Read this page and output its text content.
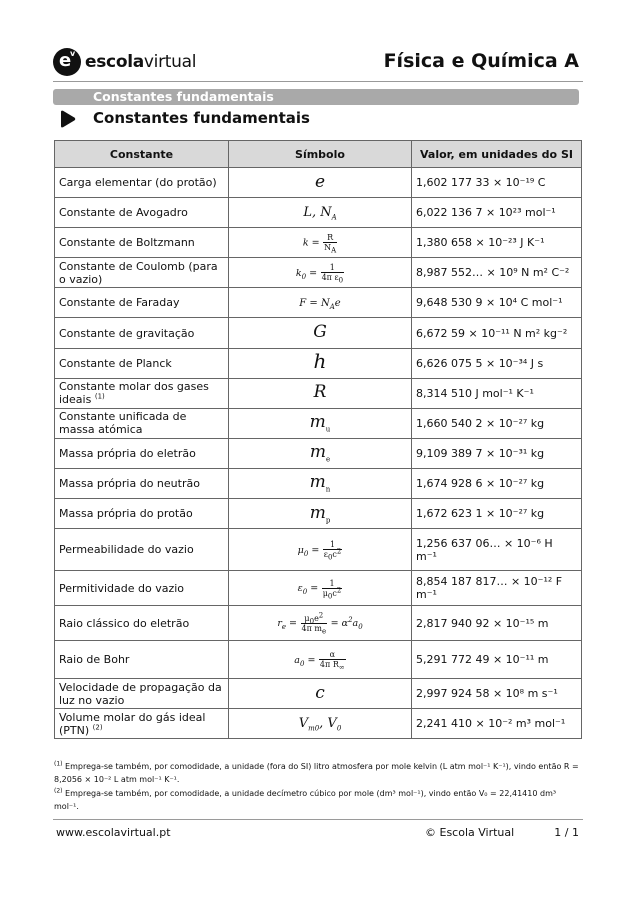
e
v escolavirtual	Física e Química A
Constantes fundamentais
Constantes fundamentais
Constante	Símbolo	Valor, em unidades do SI
Carga elementar (do protão)	e	1,602 177 33 × 10⁻¹⁹ C
Constante de Avogadro	L, $N_A$	6,022 136 7 × 10²³ mol⁻¹
Constante de Boltzmann	$k = \frac{R}{N_A}$	1,380 658 × 10⁻²³ J K⁻¹
Constante de Coulomb (para o vazio)	$k_0 = \frac{1}{4\pi \varepsilon_0}$	8,987 552… × 10⁹ N m² C⁻²
Constante de Faraday	$F = N_Ae$	9,648 530 9 × 10⁴ C mol⁻¹
Constante de gravitação	G	6,672 59 × 10⁻¹¹ N m² kg⁻²
Constante de Planck	h	6,626 075 5 × 10⁻³⁴ J s
Constante molar dos gases ideais $^{(1)}$	R	8,314 510 J mol⁻¹ K⁻¹
Constante unificada de massa atómica	$m_u$	1,660 540 2 × 10⁻²⁷ kg
Massa própria do eletrão	$m_e$	9,109 389 7 × 10⁻³¹ kg
Massa própria do neutrão	$m_n$	1,674 928 6 × 10⁻²⁷ kg
Massa própria do protão	$m_p$	1,672 623 1 × 10⁻²⁷ kg
Permeabilidade do vazio	$\mu_0 = \frac{1}{\varepsilon_0c^2}$	1,256 637 06… × 10⁻⁶ H m⁻¹
Permitividade do vazio	$\varepsilon_0 = \frac{1}{\mu_0c^2}$	8,854 187 817… × 10⁻¹² F m⁻¹
Raio clássico do eletrão	$r_e = \frac{\mu_0e^2}{4\pi m_e} = \alpha^2a_0$	2,817 940 92 × 10⁻¹⁵ m
Raio de Bohr	$a_0 = \frac{\alpha}{4\pi R_\infty}$	5,291 772 49 × 10⁻¹¹ m
Velocidade de propagação da luz no vazio	c	2,997 924 58 × 10⁸ m s⁻¹
Volume molar do gás ideal (PTN) $^{(2)}$	$V_{m0}$, $V_0$	2,241 410 × 10⁻² m³ mol⁻¹
$^{(1)}$ Emprega-se também, por comodidade, a unidade (fora do SI) litro atmosfera por mole kelvin (L atm mol⁻¹ K⁻¹), vindo então R = 8,2056 × 10⁻² L atm mol⁻¹ K⁻¹.
$^{(2)}$ Emprega-se também, por comodidade, a unidade decímetro cúbico por mole (dm³ mol⁻¹), vindo então V₀ = 22,41410 dm³ mol⁻¹.
www.escolavirtual.pt	© Escola Virtual	1 / 1
